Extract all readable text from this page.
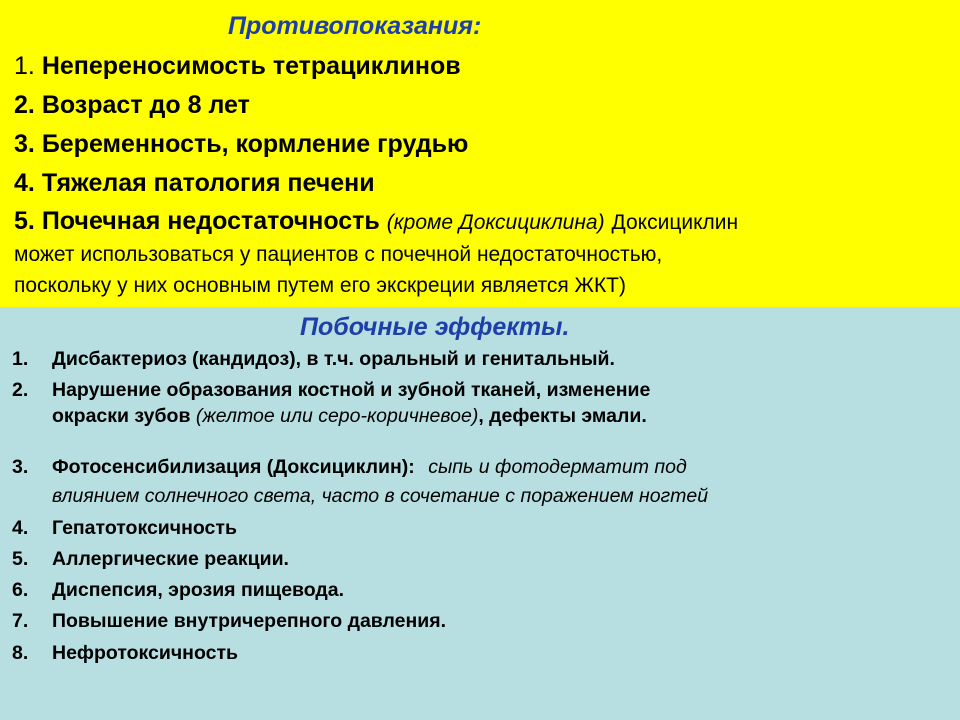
Противопоказания:
1. Непереносимость тетрациклинов
2. Возраст до 8 лет
3. Беременность, кормление грудью
4. Тяжелая патология печени
5. Почечная недостаточность (кроме Доксициклина) Доксициклин
может использоваться у пациентов с почечной недостаточностью,
поскольку у них основным путем его экскреции является ЖКТ)
Побочные эффекты.
1. Дисбактериоз (кандидоз), в т.ч. оральный и генитальный.
2. Нарушение образования костной и зубной тканей, изменение
окраски зубов (желтое или серо-коричневое), дефекты эмали.
3. Фотосенсибилизация (Доксициклин): сыпь и фотодерматит под
влиянием солнечного света, часто в сочетание с поражением ногтей
4. Гепатотоксичность
5. Аллергические реакции.
6. Диспепсия, эрозия пищевода.
7. Повышение внутричерепного давления.
8. Нефротоксичность
